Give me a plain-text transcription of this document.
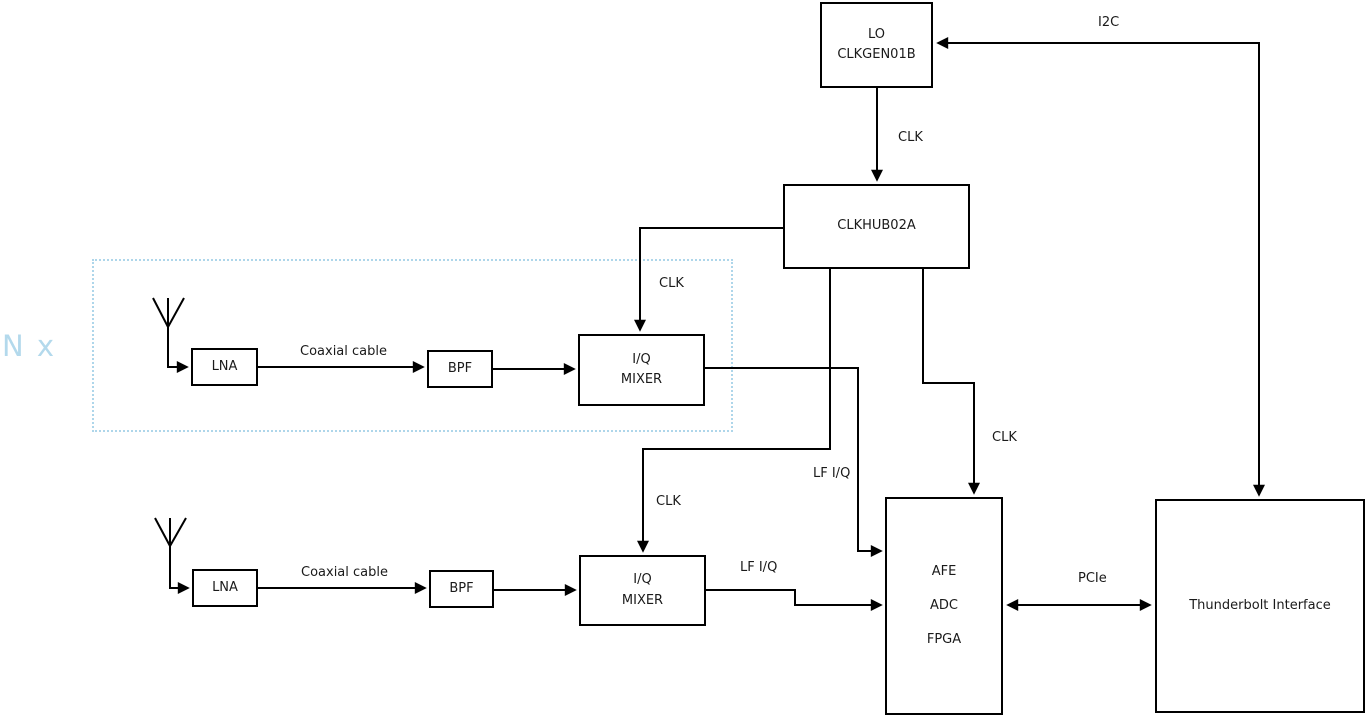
N x
LO
CLKGEN01B
CLKHUB02A
LNA	BPF
I/Q
MIXER
LNA	BPF
I/Q
MIXER
AFE
ADC
FPGA
Thunderbolt Interface
I2C
CLK
CLK
CLK
CLK
Coaxial cable
Coaxial cable
LF I/Q
LF I/Q
PCIe
